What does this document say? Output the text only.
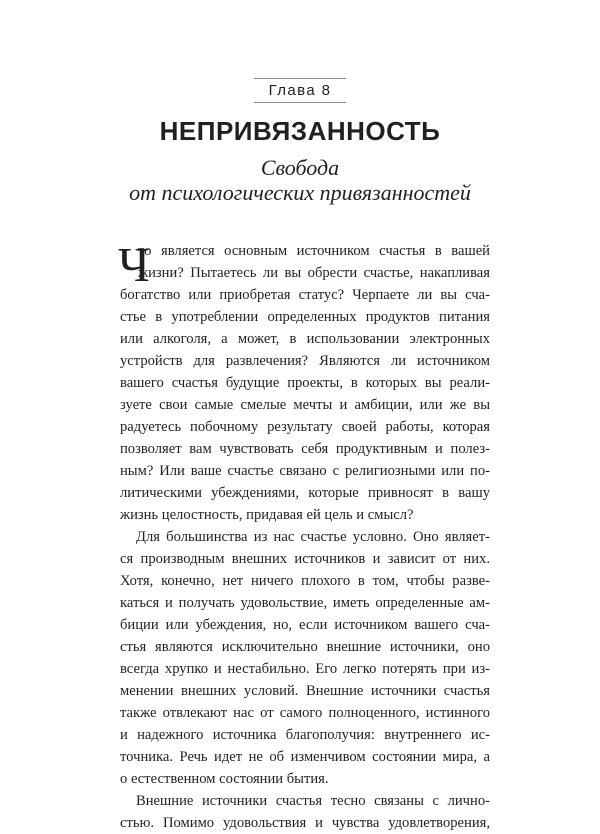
Глава 8
НЕПРИВЯЗАННОСТЬ
Свобода
от психологических привязанностей
Ч
то является основным источником счастья в вашей
жизни? Пытаетесь ли вы обрести счастье, накапливая
богатство или приобретая статус? Черпаете ли вы сча-
стье в употреблении определенных продуктов питания
или алкоголя, а может, в использовании электронных
устройств для развлечения? Являются ли источником
вашего счастья будущие проекты, в которых вы реали-
зуете свои самые смелые мечты и амбиции, или же вы
радуетесь побочному результату своей работы, которая
позволяет вам чувствовать себя продуктивным и полез-
ным? Или ваше счастье связано с религиозными или по-
литическими убеждениями, которые привносят в вашу
жизнь целостность, придавая ей цель и смысл?
Для большинства из нас счастье условно. Оно являет-
ся производным внешних источников и зависит от них.
Хотя, конечно, нет ничего плохого в том, чтобы разве-
каться и получать удовольствие, иметь определенные ам-
биции или убеждения, но, если источником вашего сча-
стья являются исключительно внешние источники, оно
всегда хрупко и нестабильно. Его легко потерять при из-
менении внешних условий. Внешние источники счастья
также отвлекают нас от самого полноценного, истинного
и надежного источника благополучия: внутреннего ис-
точника. Речь идет не об изменчивом состоянии мира, а
о естественном состоянии бытия.
Внешние источники счастья тесно связаны с лично-
стью. Помимо удовольствия и чувства удовлетворения,
